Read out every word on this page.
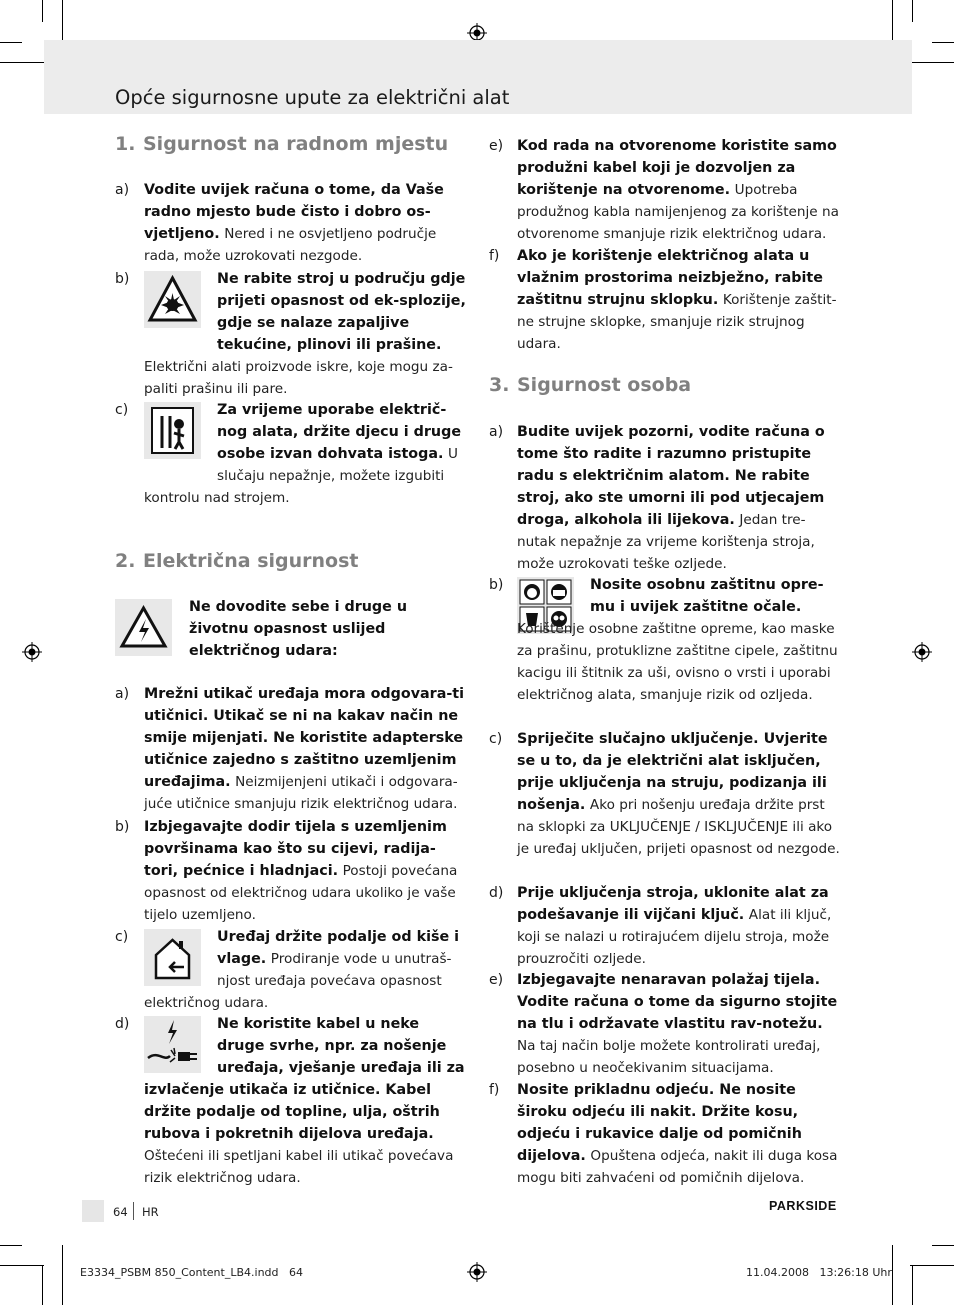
Opće sigurnosne upute za električni alat
1. Sigurnost na radnom mjestu
a) Vodite uvijek računa o tome, da Vaše radno mjesto bude čisto i dobro os-vjetljeno. Nered i ne osvjetljeno područje rada, može uzrokovati nezgode.
b)	Ne rabite stroj u području gdje prijeti opasnost od ek-splozije, gdje se nalaze zapaljive tekućine, plinovi ili prašine. Električni alati proizvode iskre, koje mogu za-paliti prašinu ili pare.
c)	Za vrijeme uporabe električ-nog alata, držite djecu i druge osobe izvan dohvata istoga. U slučaju nepažnje, možete izgubiti kontrolu nad strojem.
2. Električna sigurnost
Ne dovodite sebe i druge u životnu opasnost uslijed električnog udara:
a) Mrežni utikač uređaja mora odgovara-ti utičnici. Utikač se ni na kakav način ne smije mijenjati. Ne koristite adapterske utičnice zajedno s zaštitno uzemljenim uređajima. Neizmijenjeni utikači i odgovara-juće utičnice smanjuju rizik električnog udara.
b) Izbjegavajte dodir tijela s uzemljenim površinama kao što su cijevi, radija-tori, pećnice i hladnjaci. Postoji povećana opasnost od električnog udara ukoliko je vaše tijelo uzemljeno.
c)	Uređaj držite podalje od kiše i vlage. Prodiranje vode u unutraš-njost uređaja povećava opasnost električnog udara.
d)	Ne koristite kabel u neke druge svrhe, npr. za nošenje uređaja, vješanje uređaja ili za izvlačenje utikača iz utičnice. Kabel držite podalje od topline, ulja, oštrih rubova i pokretnih dijelova uređaja. Oštećeni ili spetljani kabel ili utikač povećava rizik električnog udara.
e) Kod rada na otvorenome koristite samo produžni kabel koji je dozvoljen za korištenje na otvorenome. Upotreba produžnog kabla namijenjenog za korištenje na otvorenome smanjuje rizik električnog udara.
f) Ako je korištenje električnog alata u vlažnim prostorima neizbježno, rabite zaštitnu strujnu sklopku. Korištenje zaštit-ne strujne sklopke, smanjuje rizik strujnog udara.
3. Sigurnost osoba
a) Budite uvijek pozorni, vodite računa o tome što radite i razumno pristupite radu s električnim alatom. Ne rabite stroj, ako ste umorni ili pod utjecajem droga, alkohola ili lijekova. Jedan tre-nutak nepažnje za vrijeme korištenja stroja, može uzrokovati teške ozljede.
b)	Nosite osobnu zaštitnu opre-mu i uvijek zaštitne očale. Korištenje osobne zaštitne opreme, kao maske za prašinu, protuklizne zaštitne cipele, zaštitnu kacigu ili štitnik za uši, ovisno o vrsti i uporabi električnog alata, smanjuje rizik od ozljeda.
c) Spriječite slučajno uključenje. Uvjerite se u to, da je električni alat isključen, prije uključenja na struju, podizanja ili nošenja. Ako pri nošenju uređaja držite prst na sklopki za UKLJUČENJE / ISKLJUČENJE ili ako je uređaj uključen, prijeti opasnost od nezgode.
d) Prije uključenja stroja, uklonite alat za podešavanje ili vijčani ključ. Alat ili ključ, koji se nalazi u rotirajućem dijelu stroja, može prouzročiti ozljede.
e) Izbjegavajte nenaravan polažaj tijela. Vodite računa o tome da sigurno stojite na tlu i održavate vlastitu rav-notežu. Na taj način bolje možete kontrolirati uređaj, posebno u neočekivanim situacijama.
f) Nosite prikladnu odjeću. Ne nosite široku odjeću ili nakit. Držite kosu, odjeću i rukavice dalje od pomičnih dijelova. Opuštena odjeća, nakit ili duga kosa mogu biti zahvaćeni od pomičnih dijelova.
64 HR	PARKSIDE
E3334_PSBM 850_Content_LB4.indd   64	11.04.2008   13:26:18 Uhr
